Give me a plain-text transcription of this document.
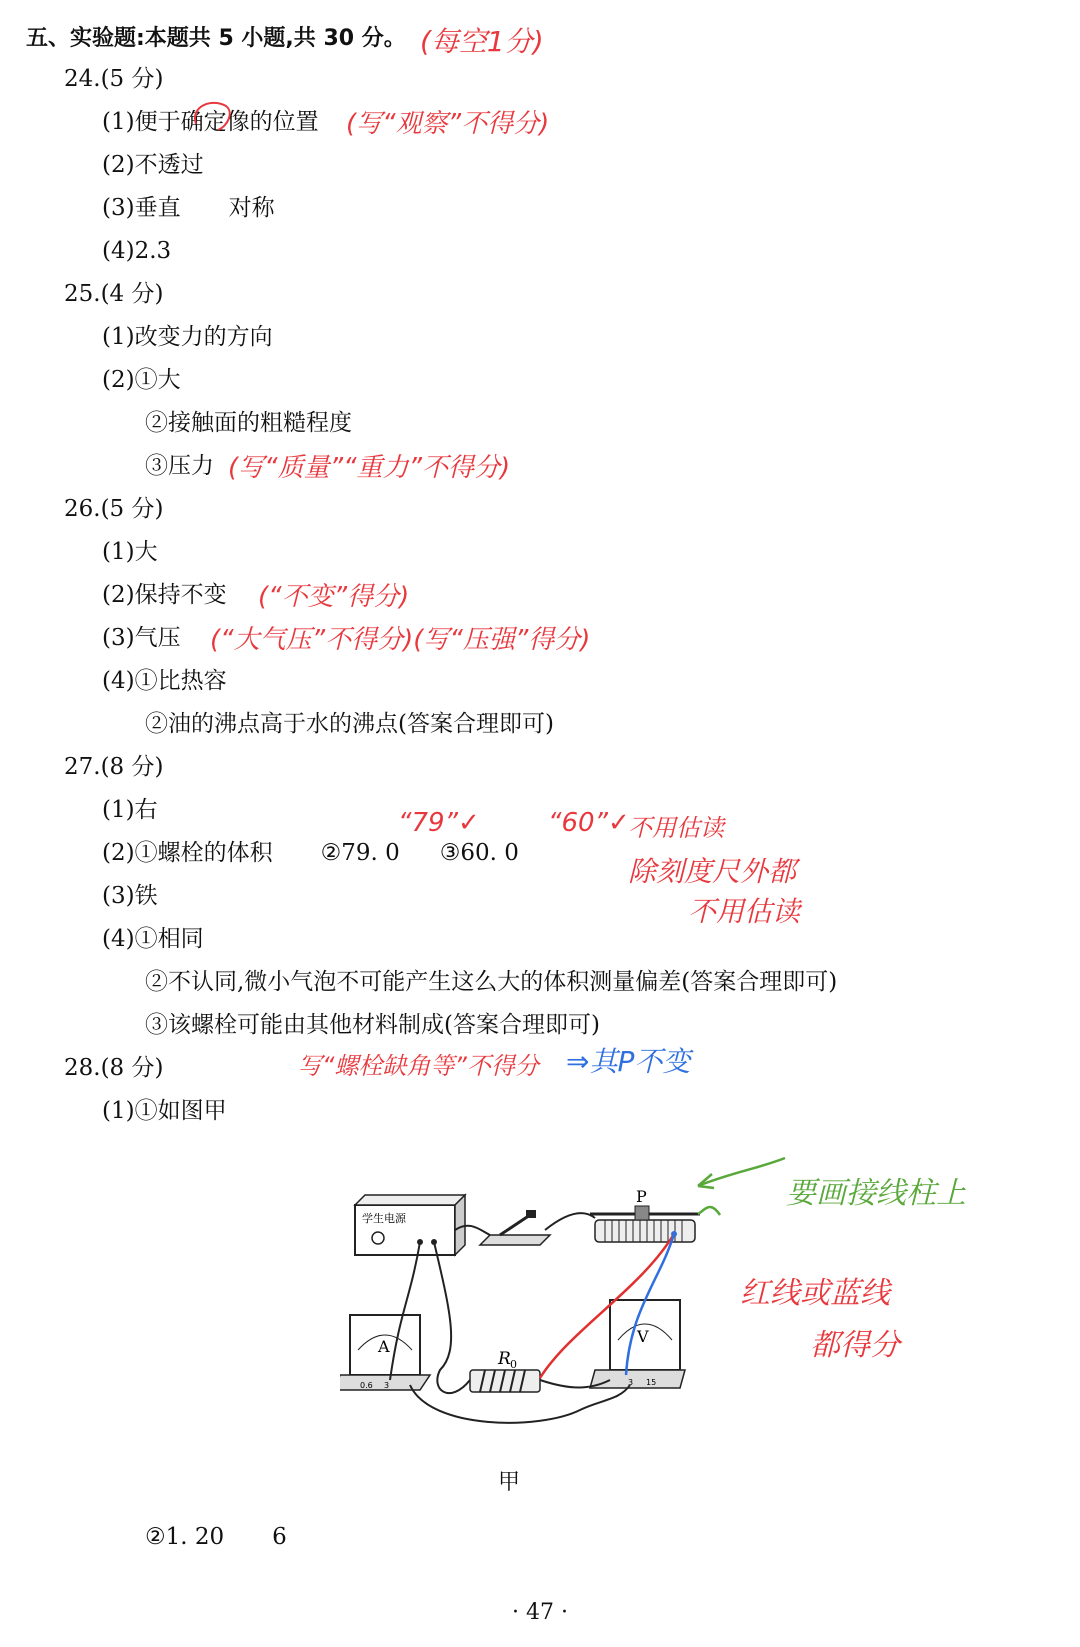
五、实验题:本题共 5 小题,共 30 分。 (每空1分)
24.(5 分)
(1)便于确定像的位置 (写“观察”不得分)
(2)不透过
(3)垂直 对称
(4)2.3
25.(4 分)
(1)改变力的方向
(2)①大
②接触面的粗糙程度
③压力 (写“质量”“重力”不得分)
26.(5 分)
(1)大
(2)保持不变 (“不变”得分)
(3)气压 (“大气压”不得分)(写“压强”得分)
(4)①比热容
②油的沸点高于水的沸点(答案合理即可)
27.(8 分)
(1)右
(2)①螺栓的体积 ②79. 0 ③60. 0
“79”✓	“60”✓
不用估读
除刻度尺外都
不用估读
(3)铁
(4)①相同
②不认同,微小气泡不可能产生这么大的体积测量偏差(答案合理即可)
③该螺栓可能由其他材料制成(答案合理即可)
写“螺栓缺角等”不得分 ⇒其P不变
28.(8 分)
(1)①如图甲
要画接线柱上
红线或蓝线
都得分
学生电源
P
A
0.6 3
R 0
V
3 15
甲
②1. 20 6
· 47 ·
